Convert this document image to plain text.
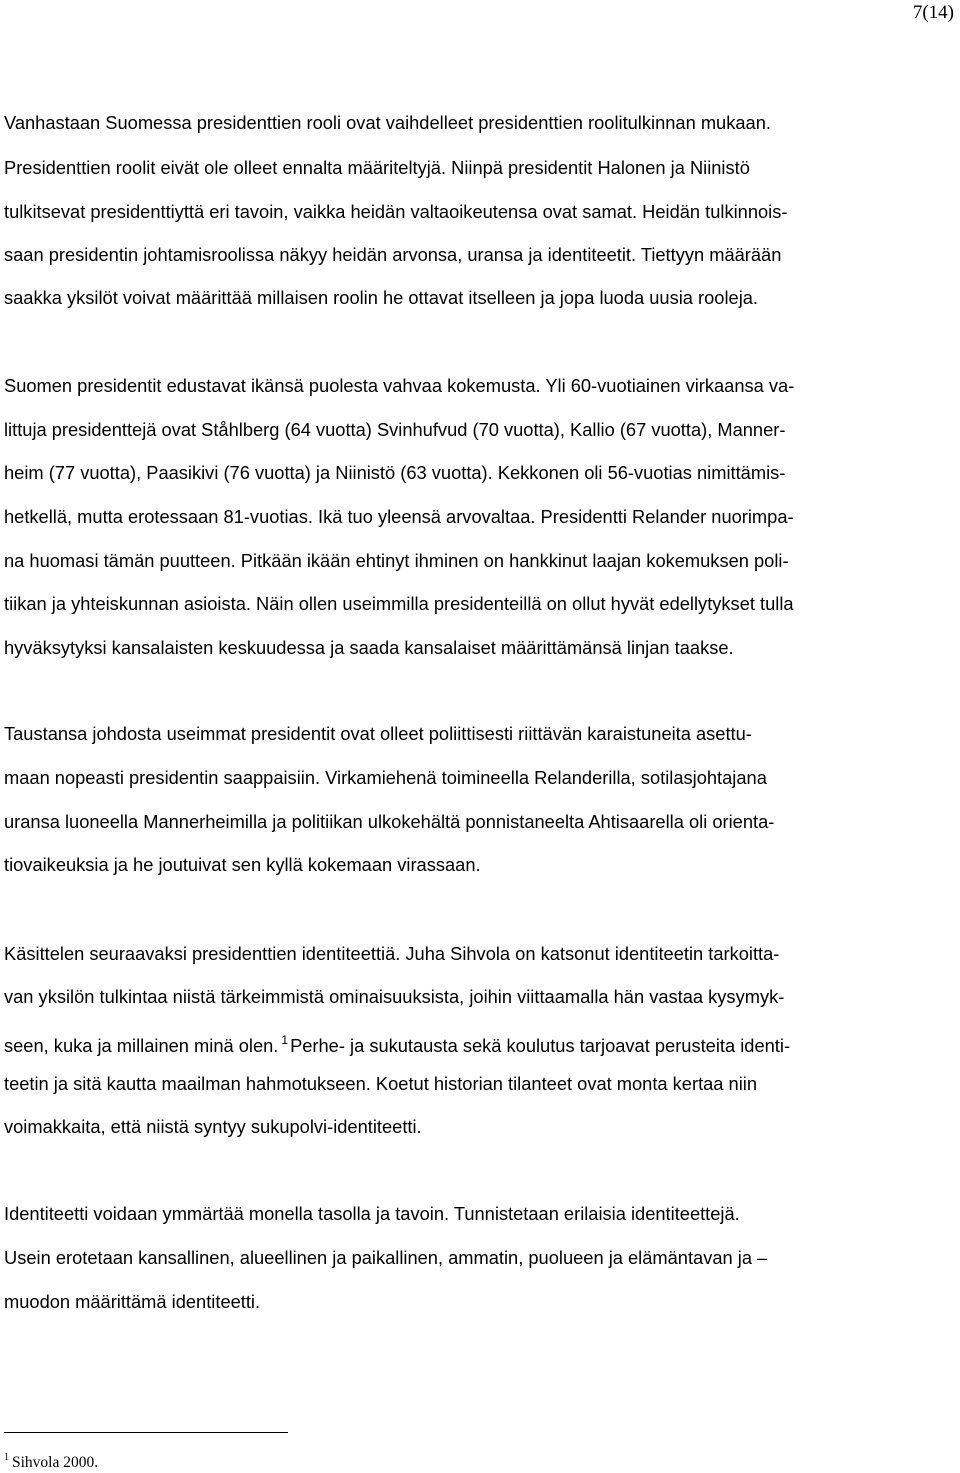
7(14)
Vanhastaan Suomessa presidenttien rooli ovat vaihdelleet presidenttien roolitulkinnan mukaan.
Presidenttien roolit eivät ole olleet ennalta määriteltyjä. Niinpä presidentit Halonen ja Niinistö
tulkitsevat presidenttiyttä eri tavoin, vaikka heidän valtaoikeutensa ovat samat. Heidän tulkinnois-
saan presidentin johtamisroolissa näkyy heidän arvonsa, uransa ja identiteetit. Tiettyyn määrään
saakka yksilöt voivat määrittää millaisen roolin he ottavat itselleen ja jopa luoda uusia rooleja.
Suomen presidentit edustavat ikänsä puolesta vahvaa kokemusta. Yli 60-vuotiainen virkaansa va-
littuja presidenttejä ovat Ståhlberg (64 vuotta) Svinhufvud (70 vuotta), Kallio (67 vuotta), Manner-
heim (77 vuotta), Paasikivi (76 vuotta) ja Niinistö (63 vuotta). Kekkonen oli 56-vuotias nimittämis-
hetkellä, mutta erotessaan 81-vuotias. Ikä tuo yleensä arvovaltaa. Presidentti Relander nuorimpa-
na huomasi tämän puutteen. Pitkään ikään ehtinyt ihminen on hankkinut laajan kokemuksen poli-
tiikan ja yhteiskunnan asioista. Näin ollen useimmilla presidenteillä on ollut hyvät edellytykset tulla
hyväksytyksi kansalaisten keskuudessa ja saada kansalaiset määrittämänsä linjan taakse.
Taustansa johdosta useimmat presidentit ovat olleet poliittisesti riittävän karaistuneita asettu-
maan nopeasti presidentin saappaisiin. Virkamiehenä toimineella Relanderilla, sotilasjohtajana
uransa luoneella Mannerheimilla ja politiikan ulkokehältä ponnistaneelta Ahtisaarella oli orienta-
tiovaikeuksia ja he joutuivat sen kyllä kokemaan virassaan.
Käsittelen seuraavaksi presidenttien identiteettiä. Juha Sihvola on katsonut identiteetin tarkoitta-
van yksilön tulkintaa niistä tärkeimmistä ominaisuuksista, joihin viittaamalla hän vastaa kysymyk-
seen, kuka ja millainen minä olen. $^1$ Perhe- ja sukutausta sekä koulutus tarjoavat perusteita identi-
teetin ja sitä kautta maailman hahmotukseen. Koetut historian tilanteet ovat monta kertaa niin
voimakkaita, että niistä syntyy sukupolvi-identiteetti.
Identiteetti voidaan ymmärtää monella tasolla ja tavoin. Tunnistetaan erilaisia identiteettejä.
Usein erotetaan kansallinen, alueellinen ja paikallinen, ammatin, puolueen ja elämäntavan ja –
muodon määrittämä identiteetti.
$^1$ Sihvola 2000.
